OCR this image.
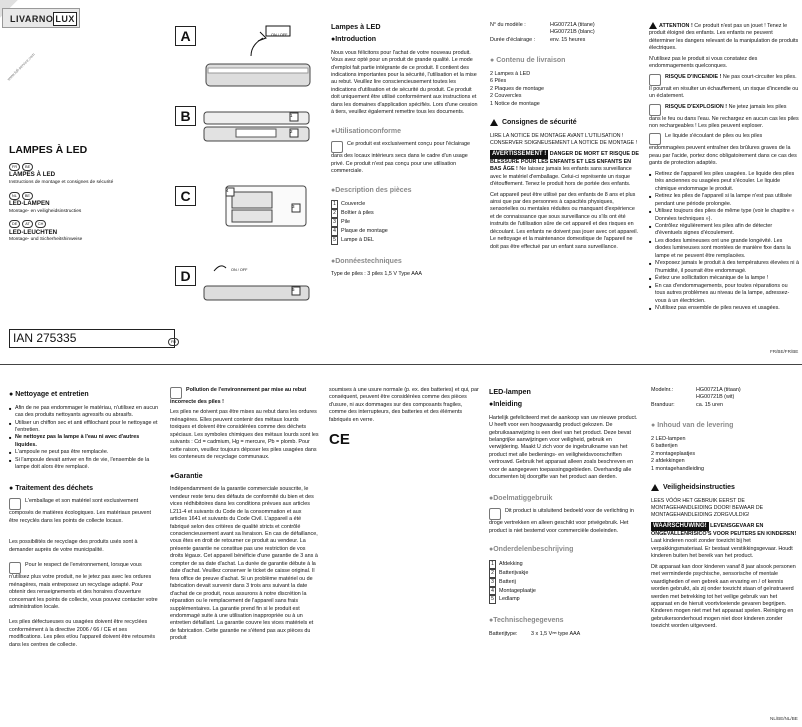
LIVARNO LUX
www.lidl-service.com
LAMPES À LED
FR BE
LAMPES À LED
Instructions de montage et consignes de sécurité
NL BE
LED-LAMPEN
Montage- en veiligheidsinstructies
DE AT CH
LED-LEUCHTEN
Montage- und Sicherheitshinweise
IAN 275335	FR
A
B
C
D
ON / OFF
1
2
4
3
ON / OFF
5
Lampes à LED
●Introduction
Nous vous félicitons pour l'achat de votre nouveau produit. Vous avez opté pour un produit de grande qualité. Le mode d'emploi fait partie intégrante de ce produit. Il contient des indications importantes pour la sécurité, l'utilisation et la mise au rebut. Veuillez lire consciencieusement toutes les indications d'utilisation et de sécurité du produit. Ce produit doit uniquement être utilisé conformément aux instructions et dans les domaines d'application spécifiés. Lors d'une cession à tiers, veuillez également remettre tous les documents.
●Utilisationconforme
Ce produit est exclusivement conçu pour l'éclairage dans des locaux intérieurs secs dans le cadre d'un usage privé. Ce produit n'est pas conçu pour une utilisation commerciale.
●Description des pièces
1 Couvercle
2 Boîtier à piles
3 Pile
4 Plaque de montage
5 Lampe à DEL
●Donnéestechniques
Type de piles : 3 piles 1,5 V Type AAA
N° du modèle :	HG00721A (titane)
HG00721B (blanc)
Durée d'éclairage :	env. 15 heures
● Contenu de livraison
2 Lampes à LED
6 Piles
2 Plaques de montage
2 Couvercles
1 Notice de montage
Consignes de sécurité
LIRE LA NOTICE DE MONTAGE AVANT L'UTILISATION ! CONSERVER SOIGNEUSEMENT LA NOTICE DE MONTAGE !
AVERTISSEMENT ! DANGER DE MORT ET RISQUE DE BLESSURE POUR LES ENFANTS ET LES ENFANTS EN BAS ÂGE ! Ne laissez jamais les enfants sans surveillance avec le matériel d'emballage. Celui-ci représente un risque d'étouffement. Tenez le produit hors de portée des enfants.
Cet appareil peut être utilisé par des enfants de 8 ans et plus ainsi que par des personnes à capacités physiques, sensorielles ou mentales réduites ou manquant d'expérience et de connaissance que sous surveillance ou s'ils ont été instruits de l'utilisation sûre de cet appareil et des risques en découlant. Les enfants ne doivent pas jouer avec cet appareil. Le nettoyage et la maintenance domestique de l'appareil ne doit pas être effectué par un enfant sans surveillance.
ATTENTION ! Ce produit n'est pas un jouet ! Tenez le produit éloigné des enfants. Les enfants ne peuvent déterminer les dangers relevant de la manipulation de produits électriques.
N'utilisez pas le produit si vous constatez des endommagements quelconques.
RISQUE D'INCENDIE ! Ne pas court-circuiter les piles. Il pourrait en résulter un échauffement, un risque d'incendie ou un éclatement.
RISQUE D'EXPLOSION ! Ne jetez jamais les piles dans le feu ou dans l'eau. Ne rechargez en aucun cas les piles non rechargeables ! Les piles peuvent exploser.
Le liquide s'écoulant de piles ou les piles endommagées peuvent entraîner des brûlures graves de la peau par l'acide, portez donc obligatoirement dans ce cas des gants de protection adaptés.
■ Retirez de l'appareil les piles usagées. Le liquide des piles très anciennes ou usagées peut s'écouler. Le liquide chimique endommage le produit.
■ Retirez les piles de l'appareil si la lampe n'est pas utilisée pendant une période prolongée.
■ Utilisez toujours des piles de même type (voir le chapitre « Données techniques »).
■ Contrôlez régulièrement les piles afin de détecter d'éventuels signes d'écoulement.
■ Les diodes lumineuses ont une grande longévité. Les diodes lumineuses sont montées de manière fixe dans la lampe et ne peuvent être remplacées.
■ N'exposez jamais le produit à des températures élevées ni à l'humidité, il pourrait être endommagé.
■ Évitez une sollicitation mécanique de la lampe !
■ En cas d'endommagements, pour toutes réparations ou tous autres problèmes au niveau de la lampe, adressez-vous à un électricien.
■ N'utilisez pas ensemble de piles neuves et usagées.
FR/BE/FR/BE
● Nettoyage et entretien
■ Afin de ne pas endommager le matériau, n'utilisez en aucun cas des produits nettoyants agressifs ou abrasifs.
■ Utiliser un chiffon sec et anti effilochant pour le nettoyage et l'entretien.
■ Ne nettoyez pas la lampe à l'eau ni avec d'autres liquides.
■ L'ampoule ne peut pas être remplacée.
■ Si l'ampoule devait arriver en fin de vie, l'ensemble de la lampe doit alors être remplacé.
● Traitement des déchets
L'emballage et son matériel sont exclusivement composés de matières écologiques. Les matériaux peuvent être recyclés dans les points de collecte locaux.
Les possibilités de recyclage des produits usés sont à demander auprès de votre municipalité.
Pour le respect de l'environnement, lorsque vous n'utilisez plus votre produit, ne le jetez pas avec les ordures ménagères, mais entreposez un recyclage adapté. Pour obtenir des renseignements et des horaires d'ouverture concernant les points de collecte, vous pouvez contacter votre administration locale.
Les piles défectueuses ou usagées doivent être recyclées conformément à la directive 2006 / 66 / CE et ses modifications. Les piles et/ou l'appareil doivent être retournés dans les centres de collecte.
Pollution de l'environnement par mise au rebut incorrecte des piles !
Les piles ne doivent pas être mises au rebut dans les ordures ménagères. Elles peuvent contenir des métaux lourds toxiques et doivent être considérées comme des déchets spéciaux. Les symboles chimiques des métaux lourds sont les suivants : Cd = cadmium, Hg = mercure, Pb = plomb. Pour cette raison, veuillez toujours déposer les piles usagées dans les conteneurs de recyclage communaux.
●Garantie
Indépendamment de la garantie commerciale souscrite, le vendeur reste tenu des défauts de conformité du bien et des vices rédhibitoires dans les conditions prévues aux articles L211-4 et suivants du Code de la consommation et aux articles 1641 et suivants du Code Civil. L'appareil a été fabriqué selon des critères de qualité stricts et contrôlé consciencieusement avant sa livraison. En cas de défaillance, vous êtes en droit de retourner ce produit au vendeur. La présente garantie ne constitue pas une restriction de vos droits légaux. Cet appareil bénéficie d'une garantie de 3 ans à compter de sa date d'achat. La durée de garantie débute à la date d'achat. Veuillez conserver le ticket de caisse original. Il fera office de preuve d'achat. Si un problème matériel ou de fabrication devait survenir dans 3 trois ans suivant la date d'achat de ce produit, nous assurons à notre discrétion la réparation ou le remplacement de l'appareil sans frais supplémentaires. La garantie prend fin si le produit est endommagé suite à une utilisation inappropriée ou à un entretien défaillant. La garantie couvre les vices matériels et de fabrication. Cette garantie ne s'étend pas aux pièces du produit
soumises à une usure normale (p. ex. des batteries) et qui, par conséquent, peuvent être considérées comme des pièces d'usure, ni aux dommages sur des composants fragiles, comme des interrupteurs, des batteries et des éléments fabriqués en verre.
CE
LED-lampen
●Inleiding
Hartelijk gefeliciteerd met de aankoop van uw nieuwe product. U heeft voor een hoogwaardig product gekozen. De gebruiksaanwijzing is een deel van het product. Deze bevat belangrijke aanwijzingen voor veiligheid, gebruik en verwijdering. Maakt U zich voor de ingebruikname van het product met alle bedienings- en veiligheidsvoorschriften vertrouwd. Gebruik het apparaat alleen zoals beschreven en voor de aangegeven toepassingsgebieden. Overhandig alle documenten bij doorgifte van het product aan derden.
●Doelmatiggebruik
Dit product is uitsluitend bedoeld voor de verlichting in droge vertrekken en alleen geschikt voor privégebruik. Het product is niet bestemd voor commerciële doeleinden.
●Onderdelenbeschrijving
1 Afdekking
2 Batterijvakje
3 Batterij
4 Montageplaatje
5 Ledlamp
●Technischegegevens
Batterijtype:	3 x 1,5 V⎓ type AAA
Modelnr.:	HG00721A (titaan)
HG00721B (wit)
Branduur:	ca. 15 uren
● Inhoud van de levering
2 LED-lampen
6 batterijen
2 montageplaatjes
2 afdekkingen
1 montagehandleiding
Veiligheidsinstructies
LEES VÓÓR HET GEBRUIK EERST DE MONTAGEHANDLEIDING DOOR! BEWAAR DE MONTAGEHANDLEIDING ZORGVULDIG!
WAARSCHUWING! LEVENSGEVAAR EN ONGEVALLENRISICO'S VOOR PEUTERS EN KINDEREN! Laat kinderen nooit zonder toezicht bij het verpakkingsmateriaal. Er bestaat verstikkingsgevaar. Houdt kinderen buiten het bereik van het product.
Dit apparaat kan door kinderen vanaf 8 jaar alsook personen met verminderde psychische, sensorische of mentale vaardigheden of een gebrek aan ervaring en / of kennis worden gebruikt, als zij onder toezicht staan of geïnstrueerd werden met betrekking tot het veilige gebruik van het apparaat en de hieruit voortvloeiende gevaren begrijpen. Kinderen mogen niet met het apparaat spelen. Reiniging en gebruikersonderhoud mogen niet door kinderen zonder toezicht worden uitgevoerd.
NL/BE/NL/BE
